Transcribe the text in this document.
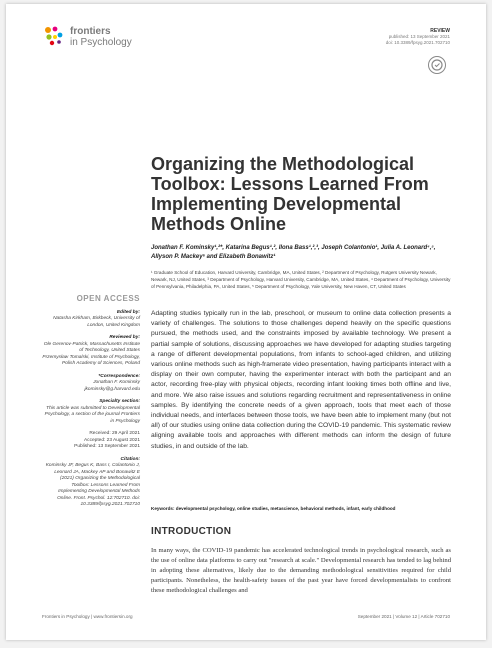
frontiers
in Psychology
REVIEW
published: 13 September 2021
doi: 10.3389/fpsyg.2021.702710
Organizing the Methodological Toolbox: Lessons Learned From Implementing Developmental Methods Online
Jonathan F. Kominsky¹,²*, Katarina Begus¹,², Ilona Bass¹,²,³, Joseph Colantonio¹, Julia A. Leonard⁴,⁵, Allyson P. Mackey⁶ and Elizabeth Bonawitz¹
¹ Graduate School of Education, Harvard University, Cambridge, MA, United States, ² Department of Psychology, Rutgers University Newark, Newark, NJ, United States, ³ Department of Psychology, Harvard University, Cambridge, MA, United States, ⁴ Department of Psychology, University of Pennsylvania, Philadelphia, PA, United States, ⁵ Department of Psychology, Yale University, New Haven, CT, United States
OPEN ACCESS
Edited by:
Natasha Kirkham, Birkbeck, University of London, United Kingdom
Reviewed by:
Ole Gerenov-Patrick, Massachusetts Institute of Technology, United States
Przemysław Tomalski, Institute of Psychology, Polish Academy of Sciences, Poland
*Correspondence:
Jonathan F. Kominsky
jkominsky@g.harvard.edu
Specialty section:
This article was submitted to Developmental Psychology, a section of the journal Frontiers in Psychology
Received: 29 April 2021
Accepted: 23 August 2021
Published: 13 September 2021
Citation:
Kominsky JF, Begus K, Bass I, Colantonio J, Leonard JA, Mackey AP and Bonawitz E (2021) Organizing the Methodological Toolbox: Lessons Learned From Implementing Developmental Methods Online. Front. Psychol. 12:702710. doi: 10.3389/fpsyg.2021.702710
Adapting studies typically run in the lab, preschool, or museum to online data collection presents a variety of challenges. The solutions to those challenges depend heavily on the specific questions pursued, the methods used, and the constraints imposed by available technology. We present a partial sample of solutions, discussing approaches we have developed for adapting studies targeting a range of different developmental populations, from infants to school-aged children, and utilizing various online methods such as high-framerate video presentation, having participants interact with a display on their own computer, having the experimenter interact with both the participant and an actor, recording free-play with physical objects, recording infant looking times both offline and live, and more. We also raise issues and solutions regarding recruitment and representativeness in online samples. By identifying the concrete needs of a given approach, tools that meet each of those individual needs, and interfaces between those tools, we have been able to implement many (but not all) of our studies using online data collection during the COVID-19 pandemic. This systematic review aligning available tools and approaches with different methods can inform the design of future studies, in and outside of the lab.
Keywords: developmental psychology, online studies, metascience, behavioral methods, infant, early childhood
INTRODUCTION
In many ways, the COVID-19 pandemic has accelerated technological trends in psychological research, such as the use of online data platforms to carry out "research at scale." Developmental research has tended to lag behind in adopting these alternatives, likely due to the demanding methodological sensitivities required for child participants. Nonetheless, the health-safety issues of the past year have forced developmentalists to confront these methodological challenges and
Frontiers in Psychology | www.frontiersin.org	September 2021 | Volume 12 | Article 702710
